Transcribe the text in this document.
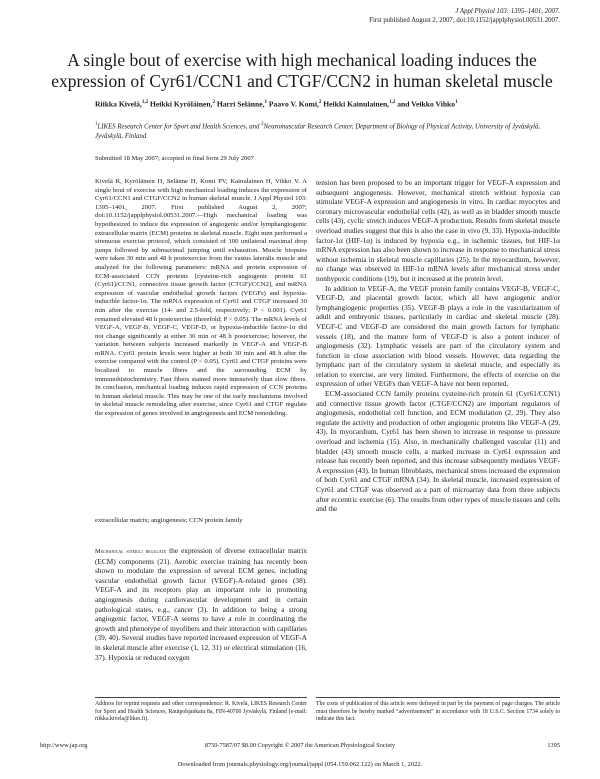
J Appl Physiol 103: 1395–1401, 2007.
First published August 2, 2007; doi:10.1152/japplphysiol.00531.2007.
A single bout of exercise with high mechanical loading induces the expression of Cyr61/CCN1 and CTGF/CCN2 in human skeletal muscle
Riikka Kivelä,$^{1,2}$ Heikki Kyröläinen,$^2$ Harri Selänne,$^1$ Paavo V. Komi,$^2$ Heikki Kainulainen,$^{1,2}$ and Veikko Vihko$^1$
$^1$LIKES Research Center for Sport and Health Sciences, and $^2$Neuromuscular Research Center, Department of Biology of Physical Activity, University of Jyväskylä, Jyväskylä, Finland
Submitted 18 May 2007; accepted in final form 29 July 2007
Kivelä R, Kyröläinen H, Selänne H, Komi PV, Kainulainen H, Vihko V. A single bout of exercise with high mechanical loading induces the expression of Cyr61/CCN1 and CTGF/CCN2 in human skeletal muscle. J Appl Physiol 103: 1395–1401, 2007. First published August 2, 2007; doi:10.1152/japplphysiol.00531.2007.—High mechanical loading was hypothesized to induce the expression of angiogenic and/or lymphangiogenic extracellular matrix (ECM) proteins in skeletal muscle. Eight men performed a strenuous exercise protocol, which consisted of 100 unilateral maximal drop jumps followed by submaximal jumping until exhaustion. Muscle biopsies were taken 30 min and 48 h postexercise from the vastus lateralis muscle and analyzed for the following parameters: mRNA and protein expression of ECM-associated CCN proteins [cysteine-rich angiogenic protein 61 (Cyr61)/CCN1, connective tissue growth factor (CTGF)/CCN2], and mRNA expression of vascular endothelial growth factors (VEGFs) and hypoxia-inducible factor-1α. The mRNA expression of Cyr61 and CTGF increased 30 min after the exercise (14- and 2.5-fold, respectively; P < 0.001). Cyr61 remained elevated 48 h postexercise (threefold; P < 0.05). The mRNA levels of VEGF-A, VEGF-B, VEGF-C, VEGF-D, or hypoxia-inducible factor-1α did not change significantly at either 30 min or 48 h postexercise; however, the variation between subjects increased markedly in VEGF-A and VEGF-B mRNA. Cyr61 protein levels were higher at both 30 min and 48 h after the exercise compared with the control (P < 0.05). Cyr61 and CTGF proteins were localized to muscle fibers and the surrounding ECM by immunohistochemistry. Fast fibers stained more intensively than slow fibers. In conclusion, mechanical loading induces rapid expression of CCN proteins in human skeletal muscle. This may be one of the early mechanisms involved in skeletal muscle remodeling after exercise, since Cyr61 and CTGF regulate the expression of genes involved in angiogenesis and ECM remodeling.
extracellular matrix; angiogenesis; CCN protein family
Mechanical stimuli regulate the expression of diverse extracellular matrix (ECM) components (21). Aerobic exercise training has recently been shown to modulate the expression of several ECM genes, including vascular endothelial growth factor (VEGF)-A-related genes (38). VEGF-A and its receptors play an important role in promoting angiogenesis during cardiovascular development and in certain pathological states, e.g., cancer (3). In addition to being a strong angiogenic factor, VEGF-A seems to have a role in coordinating the growth and phenotype of myofibers and their interaction with capillaries (39, 40). Several studies have reported increased expression of VEGF-A in skeletal muscle after exercise (1, 12, 31) or electrical stimulation (16, 37). Hypoxia or reduced oxygen

tension has been proposed to be an important trigger for VEGF-A expression and subsequent angiogenesis. However, mechanical stretch without hypoxia can stimulate VEGF-A expression and angiogenesis in vitro. In cardiac myocytes and coronary microvascular endothelial cells (42), as well as in bladder smooth muscle cells (43), cyclic stretch induces VEGF-A production. Results from skeletal muscle overload studies suggest that this is also the case in vivo (9, 33). Hypoxia-inducible factor-1α (HIF-1α) is induced by hypoxia e.g., in ischemic tissues, but HIF-1α mRNA expression has also been shown to increase in response to mechanical stress without ischemia in skeletal muscle capillaries (25). In the myocardium, however, no change was observed in HIF-1α mRNA levels after mechanical stress under nonhypoxic conditions (19), but it increased at the protein level.

In addition to VEGF-A, the VEGF protein family contains VEGF-B, VEGF-C, VEGF-D, and placental growth factor, which all have angiogenic and/or lymphangiogenic properties (35). VEGF-B plays a role in the vascularization of adult and embryonic tissues, particularly in cardiac and skeletal muscle (28). VEGF-C and VEGF-D are considered the main growth factors for lymphatic vessels (18), and the mature form of VEGF-D is also a potent inducer of angiogenesis (32). Lymphatic vessels are part of the circulatory system and function in close association with blood vessels. However, data regarding the lymphatic part of the circulatory system in skeletal muscle, and especially its relation to exercise, are very limited. Furthermore, the effects of exercise on the expression of other VEGFs than VEGF-A have not been reported.

ECM-associated CCN family proteins cysteine-rich protein 61 (Cyr61/CCN1) and connective tissue growth factor (CTGF/CCN2) are important regulators of angiogenesis, endothelial cell function, and ECM modulation (2, 29). They also regulate the activity and production of other angiogenic proteins like VEGF-A (29, 43). In myocardium, Cyr61 has been shown to increase in response to pressure overload and ischemia (15). Also, in mechanically challenged vascular (11) and bladder (43) smooth muscle cells, a marked increase in Cyr61 expression and release has recently been reported, and this increase subsequently mediates VEGF-A expression (43). In human fibroblasts, mechanical stress increased the expression of both Cyr61 and CTGF mRNA (34). In skeletal muscle, increased expression of Cyr61 and CTGF was observed as a part of microarray data from three subjects after eccentric exercise (6). The results from other types of muscle tissues and cells and the

Address for reprint requests and other correspondence: R. Kivelä, LIKES Research Center for Sport and Health Sciences, Rautpohjankatu 8a, FIN-40700 Jyväskylä, Finland (e-mail: riikka.kivela@likes.fi).
The costs of publication of this article were defrayed in part by the payment of page charges. The article must therefore be hereby marked “advertisement” in accordance with 18 U.S.C. Section 1734 solely to indicate this fact.
http://www.jap.org	8750-7587/07 $8.00 Copyright © 2007 the American Physiological Society	1395
Downloaded from journals.physiology.org/journal/jappl (054.159.062.122) on March 1, 2022.
